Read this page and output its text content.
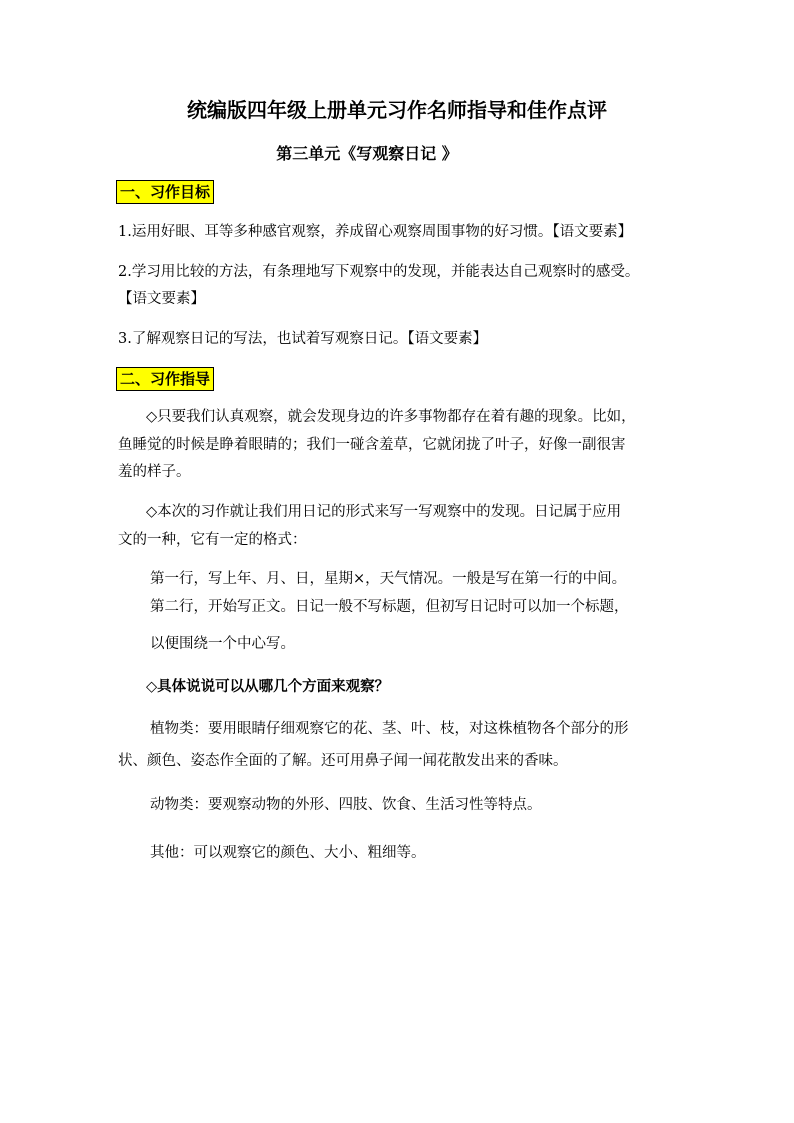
统编版四年级上册单元习作名师指导和佳作点评
第三单元《写观察日记 》
一、习作目标

1.运用好眼、耳等多种感官观察，养成留心观察周围事物的好习惯。【语文要素】

2.学习用比较的方法，有条理地写下观察中的发现，并能表达自己观察时的感受。

【语文要素】

3.了解观察日记的写法，也试着写观察日记。【语文要素】

二、习作指导

◇只要我们认真观察，就会发现身边的许多事物都存在着有趣的现象。比如，

鱼睡觉的时候是睁着眼睛的；我们一碰含羞草，它就闭拢了叶子，好像一副很害

羞的样子。

◇本次的习作就让我们用日记的形式来写一写观察中的发现。日记属于应用

文的一种，它有一定的格式：

第一行，写上年、月、日，星期×，天气情况。一般是写在第一行的中间。

第二行，开始写正文。日记一般不写标题，但初写日记时可以加一个标题，

以便围绕一个中心写。

◇具体说说可以从哪几个方面来观察？

植物类：要用眼睛仔细观察它的花、茎、叶、枝，对这株植物各个部分的形

状、颜色、姿态作全面的了解。还可用鼻子闻一闻花散发出来的香味。

动物类：要观察动物的外形、四肢、饮食、生活习性等特点。

其他：可以观察它的颜色、大小、粗细等。
